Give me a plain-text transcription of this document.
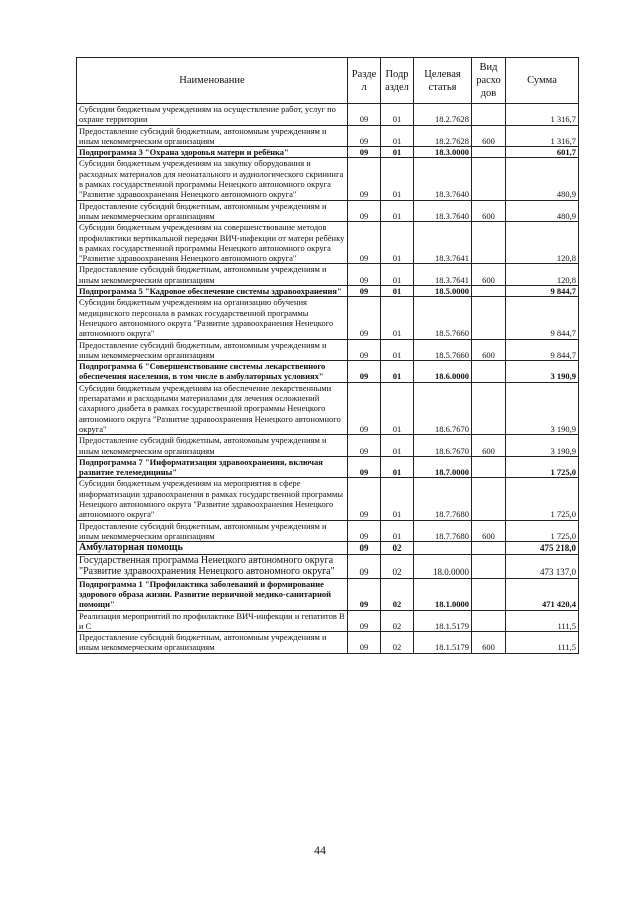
Наименование	Разде л	Подр аздел	Целевая статья	Вид расхо дов	Сумма
Субсидии бюджетным учреждениям на осуществление работ, услуг по охране территории	09	01	18.2.7628		1 316,7
Предоставление субсидий бюджетным, автономным учреждениям и иным некоммерческим организациям	09	01	18.2.7628	600	1 316,7
Подпрограмма 3 "Охрана здоровья матери и ребёнка"	09	01	18.3.0000		601,7
Субсидии бюджетным учреждениям на закупку оборудования и расходных материалов для неонатального и аудиологического скрининга в рамках государственной программы Ненецкого автономного округа "Развитие здравоохранения Ненецкого автономного округа"	09	01	18.3.7640		480,9
Предоставление субсидий бюджетным, автономным учреждениям и иным некоммерческим организациям	09	01	18.3.7640	600	480,9
Субсидии бюджетным учреждениям на совершенствование методов профилактики вертикальной передачи ВИЧ-инфекции от матери ребёнку в рамках государственной программы Ненецкого автономного округа "Развитие здравоохранения Ненецкого автономного округа"	09	01	18.3.7641		120,8
Предоставление субсидий бюджетным, автономным учреждениям и иным некоммерческим организациям	09	01	18.3.7641	600	120,8
Подпрограмма 5 "Кадровое обеспечение системы здравоохранения"	09	01	18.5.0000		9 844,7
Субсидии бюджетным учреждениям на организацию обучения медицинского персонала в рамках государственной программы Ненецкого автономного округа "Развитие здравоохранения Ненецкого автономного округа"	09	01	18.5.7660		9 844,7
Предоставление субсидий бюджетным, автономным учреждениям и иным некоммерческим организациям	09	01	18.5.7660	600	9 844,7
Подпрограмма 6 "Совершенствование системы лекарственного обеспечения населения, в том числе в амбулаторных условиях"	09	01	18.6.0000		3 190,9
Субсидии бюджетным учреждениям на обеспечение лекарственными препаратами и расходными материалами для лечения осложнений сахарного диабета в рамках государственной программы Ненецкого автономного округа "Развитие здравоохранения Ненецкого автономного округа"	09	01	18.6.7670		3 190,9
Предоставление субсидий бюджетным, автономным учреждениям и иным некоммерческим организациям	09	01	18.6.7670	600	3 190,9
Подпрограмма 7 "Информатизация здравоохранения, включая развитие телемедицины"	09	01	18.7.0000		1 725,0
Субсидии бюджетным учреждениям на мероприятия в сфере информатизации здравоохранения в рамках государственной программы Ненецкого автономного округа "Развитие здравоохранения Ненецкого автономного округа"	09	01	18.7.7680		1 725,0
Предоставление субсидий бюджетным, автономным учреждениям и иным некоммерческим организациям	09	01	18.7.7680	600	1 725,0
Амбулаторная помощь	09	02			475 218,0
Государственная программа Ненецкого автономного округа "Развитие здравоохранения Ненецкого автономного округа"	09	02	18.0.0000		473 137,0
Подпрограмма 1 "Профилактика заболеваний и формирование здорового образа жизни. Развитие первичной медико-санитарной помощи"	09	02	18.1.0000		471 420,4
Реализация мероприятий по профилактике ВИЧ-инфекции и гепатитов В и С	09	02	18.1.5179		111,5
Предоставление субсидий бюджетным, автономным учреждениям и иным некоммерческим организациям	09	02	18.1.5179	600	111,5
44
